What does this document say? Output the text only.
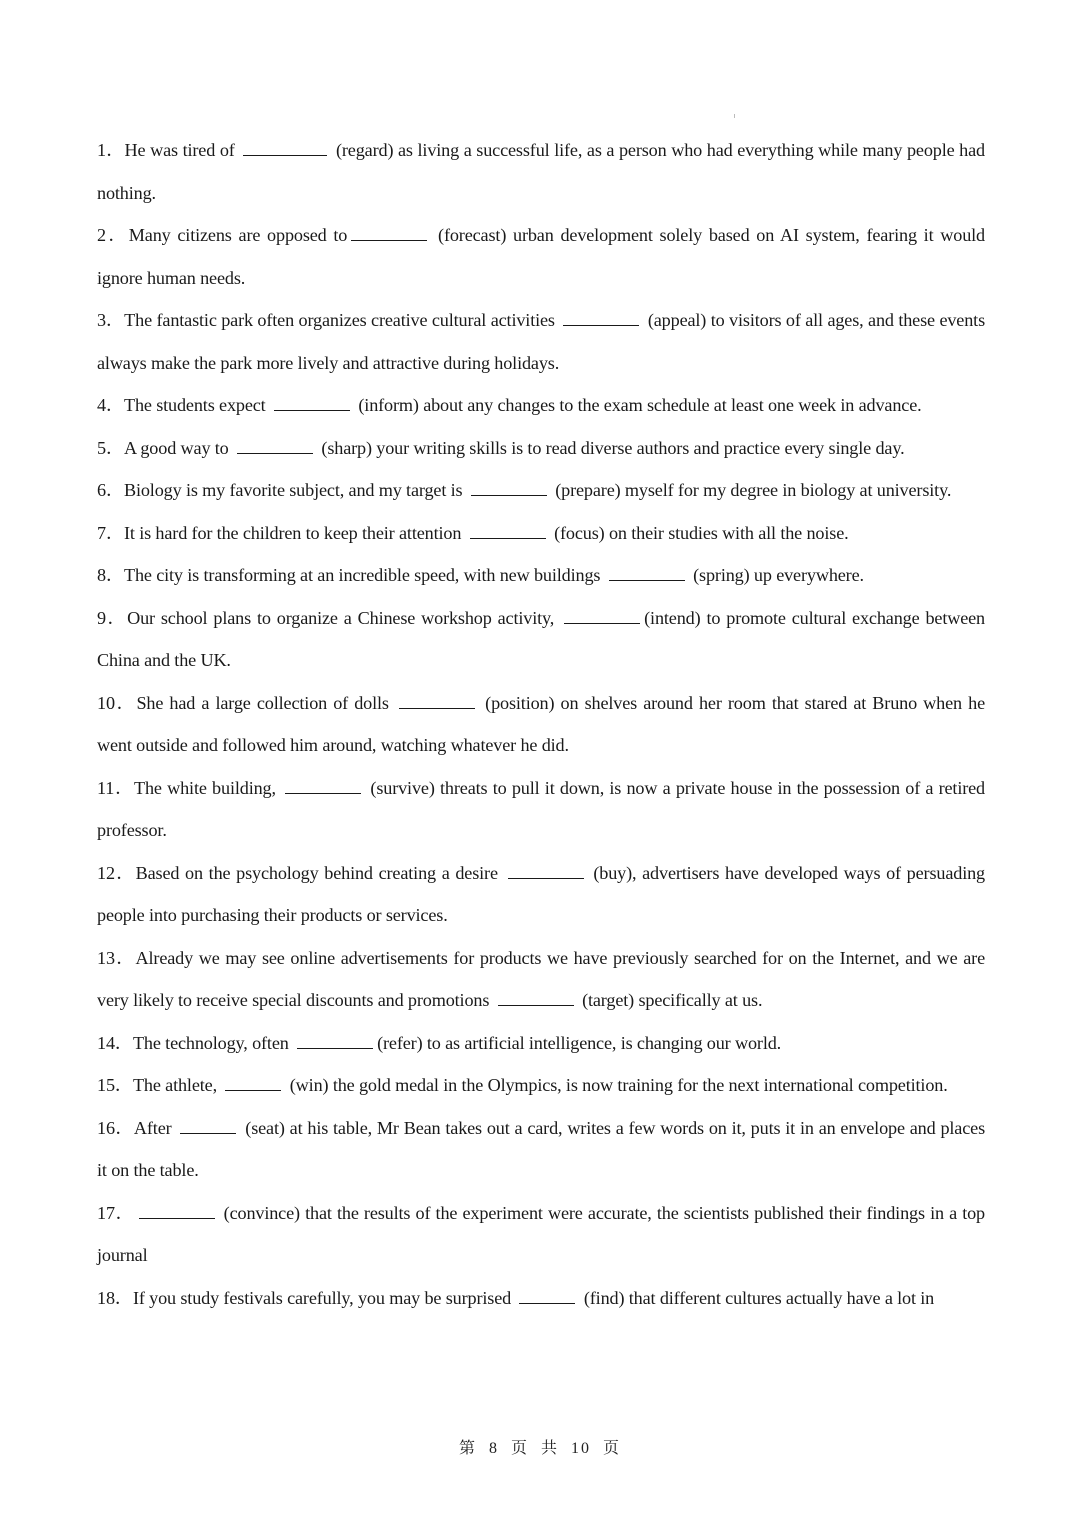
1．He was tired of	(regard) as living a successful life, as a person who had everything while many people had nothing.

2．Many citizens are opposed to	(forecast) urban development solely based on AI system, fearing it would ignore human needs.

3．The fantastic park often organizes creative cultural activities	(appeal) to visitors of all ages, and these events always make the park more lively and attractive during holidays.

4．The students expect	(inform) about any changes to the exam schedule at least one week in advance.

5．A good way to	(sharp) your writing skills is to read diverse authors and practice every single day.

6．Biology is my favorite subject, and my target is	(prepare) myself for my degree in biology at university.

7．It is hard for the children to keep their attention	(focus) on their studies with all the noise.

8．The city is transforming at an incredible speed, with new buildings	(spring) up everywhere.

9．Our school plans to organize a Chinese workshop activity,	(intend) to promote cultural exchange between China and the UK.

10．She had a large collection of dolls	(position) on shelves around her room that stared at Bruno when he went outside and followed him around, watching whatever he did.

11．The white building,	(survive) threats to pull it down, is now a private house in the possession of a retired professor.

12．Based on the psychology behind creating a desire	(buy), advertisers have developed ways of persuading people into purchasing their products or services.

13．Already we may see online advertisements for products we have previously searched for on the Internet, and we are very likely to receive special discounts and promotions	(target) specifically at us.

14．The technology, often	(refer) to as artificial intelligence, is changing our world.

15．The athlete,	(win) the gold medal in the Olympics, is now training for the next international competition.

16．After	(seat) at his table, Mr Bean takes out a card, writes a few words on it, puts it in an envelope and places it on the table.

17．	(convince) that the results of the experiment were accurate, the scientists published their findings in a top journal

18．If you study festivals carefully, you may be surprised	(find) that different cultures actually have a lot in

第 8 页 共 10 页
